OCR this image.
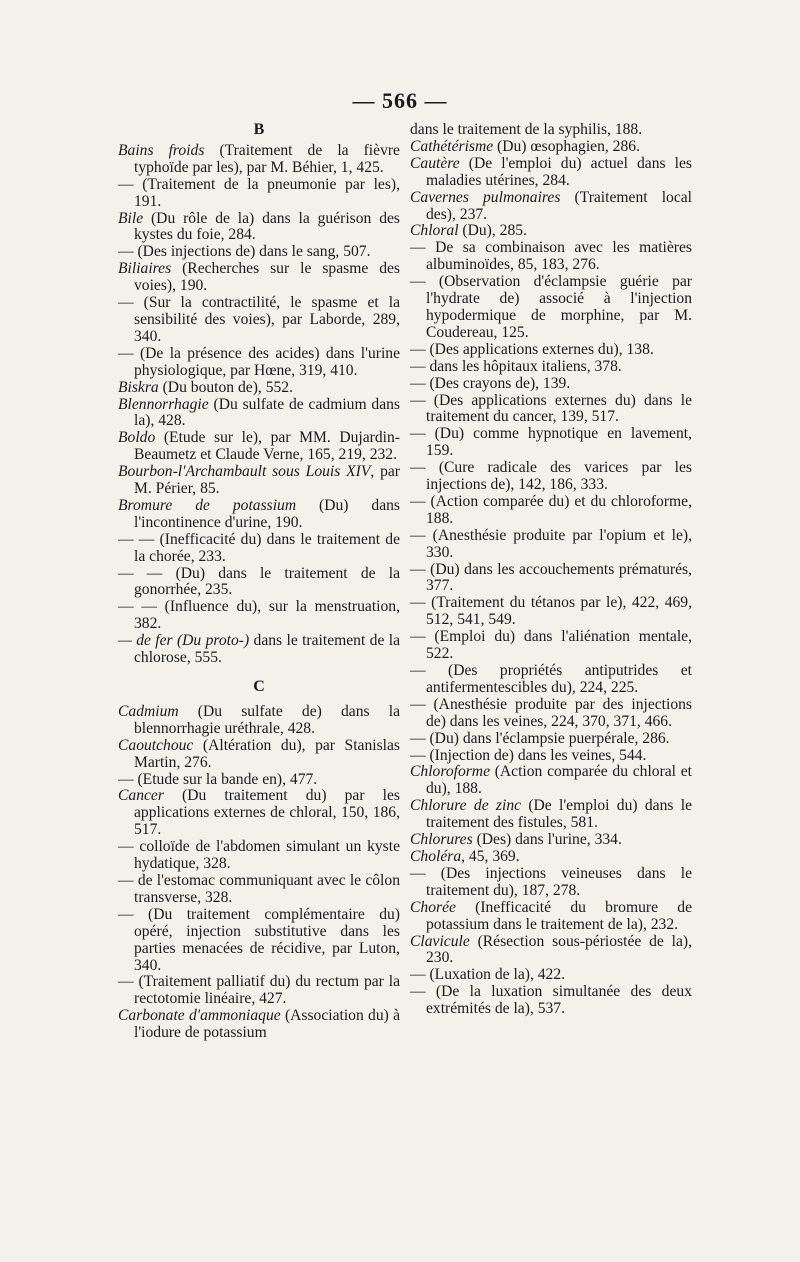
— 566 —

B

Bains froids (Traitement de la fièvre typhoïde par les), par M. Béhier, 1, 425.

— (Traitement de la pneumonie par les), 191.

Bile (Du rôle de la) dans la guérison des kystes du foie, 284.

— (Des injections de) dans le sang, 507.

Biliaires (Recherches sur le spasme des voies), 190.

— (Sur la contractilité, le spasme et la sensibilité des voies), par Laborde, 289, 340.

— (De la présence des acides) dans l'urine physiologique, par Hœne, 319, 410.

Biskra (Du bouton de), 552.

Blennorrhagie (Du sulfate de cadmium dans la), 428.

Boldo (Etude sur le), par MM. Dujardin-Beaumetz et Claude Verne, 165, 219, 232.

Bourbon-l'Archambault sous Louis XIV, par M. Périer, 85.

Bromure de potassium (Du) dans l'incontinence d'urine, 190.

— — (Inefficacité du) dans le traitement de la chorée, 233.

— — (Du) dans le traitement de la gonorrhée, 235.

— — (Influence du), sur la menstruation, 382.

— de fer (Du proto-) dans le traitement de la chlorose, 555.

C

Cadmium (Du sulfate de) dans la blennorrhagie uréthrale, 428.

Caoutchouc (Altération du), par Stanislas Martin, 276.

— (Etude sur la bande en), 477.

Cancer (Du traitement du) par les applications externes de chloral, 150, 186, 517.

— colloïde de l'abdomen simulant un kyste hydatique, 328.

— de l'estomac communiquant avec le côlon transverse, 328.

— (Du traitement complémentaire du) opéré, injection substitutive dans les parties menacées de récidive, par Luton, 340.

— (Traitement palliatif du) du rectum par la rectotomie linéaire, 427.

Carbonate d'ammoniaque (Association du) à l'iodure de potassium

dans le traitement de la syphilis, 188.

Cathétérisme (Du) œsophagien, 286.

Cautère (De l'emploi du) actuel dans les maladies utérines, 284.

Cavernes pulmonaires (Traitement local des), 237.

Chloral (Du), 285.

— De sa combinaison avec les matières albuminoïdes, 85, 183, 276.

— (Observation d'éclampsie guérie par l'hydrate de) associé à l'injection hypodermique de morphine, par M. Coudereau, 125.

— (Des applications externes du), 138.

— dans les hôpitaux italiens, 378.

— (Des crayons de), 139.

— (Des applications externes du) dans le traitement du cancer, 139, 517.

— (Du) comme hypnotique en lavement, 159.

— (Cure radicale des varices par les injections de), 142, 186, 333.

— (Action comparée du) et du chloroforme, 188.

— (Anesthésie produite par l'opium et le), 330.

— (Du) dans les accouchements prématurés, 377.

— (Traitement du tétanos par le), 422, 469, 512, 541, 549.

— (Emploi du) dans l'aliénation mentale, 522.

— (Des propriétés antiputrides et antifermentescibles du), 224, 225.

— (Anesthésie produite par des injections de) dans les veines, 224, 370, 371, 466.

— (Du) dans l'éclampsie puerpérale, 286.

— (Injection de) dans les veines, 544.

Chloroforme (Action comparée du chloral et du), 188.

Chlorure de zinc (De l'emploi du) dans le traitement des fistules, 581.

Chlorures (Des) dans l'urine, 334.

Choléra, 45, 369.

— (Des injections veineuses dans le traitement du), 187, 278.

Chorée (Inefficacité du bromure de potassium dans le traitement de la), 232.

Clavicule (Résection sous-périostée de la), 230.

— (Luxation de la), 422.

— (De la luxation simultanée des deux extrémités de la), 537.
